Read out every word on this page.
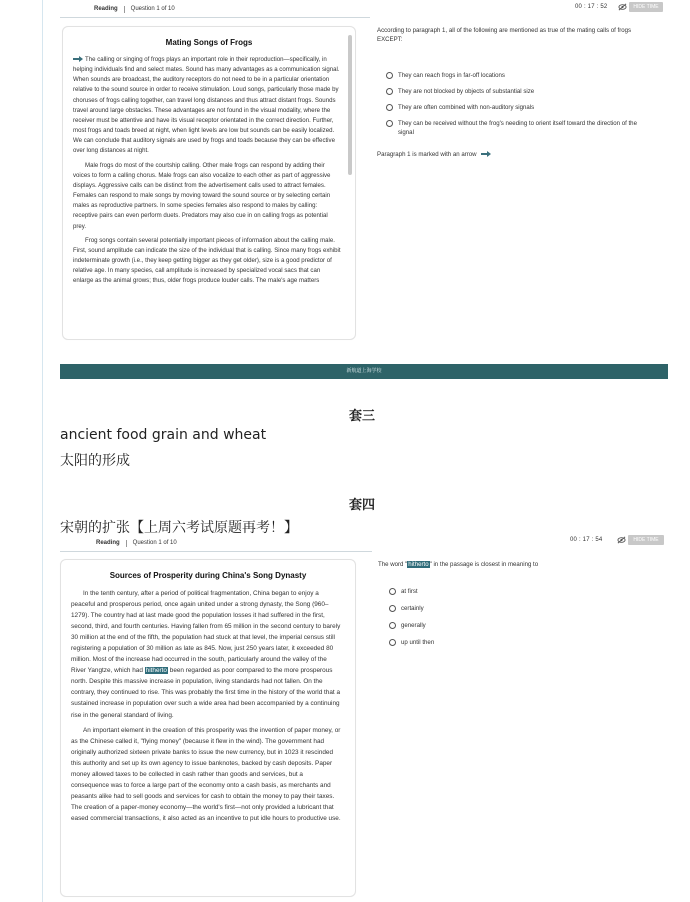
Reading Question 1 of 10	00 : 17 : 52	HIDE TIME
Mating Songs of Frogs

The calling or singing of frogs plays an important role in their reproduction—specifically, in helping individuals find and select mates. Sound has many advantages as a communication signal. When sounds are broadcast, the auditory receptors do not need to be in a particular orientation relative to the sound source in order to receive stimulation. Loud songs, particularly those made by choruses of frogs calling together, can travel long distances and thus attract distant frogs. Sounds travel around large obstacles. These advantages are not found in the visual modality, where the receiver must be attentive and have its visual receptor orientated in the correct direction. Further, most frogs and toads breed at night, when light levels are low but sounds can be easily localized. We can conclude that auditory signals are used by frogs and toads because they can be effective over long distances at night.

Male frogs do most of the courtship calling. Other male frogs can respond by adding their voices to form a calling chorus. Male frogs can also vocalize to each other as part of aggressive displays. Aggressive calls can be distinct from the advertisement calls used to attract females. Females can respond to male songs by moving toward the sound source or by selecting certain males as reproductive partners. In some species females also respond to males by calling: receptive pairs can even perform duets. Predators may also cue in on calling frogs as potential prey.

Frog songs contain several potentially important pieces of information about the calling male. First, sound amplitude can indicate the size of the individual that is calling. Since many frogs exhibit indeterminate growth (i.e., they keep getting bigger as they get older), size is a good predictor of relative age. In many species, call amplitude is increased by specialized vocal sacs that can enlarge as the animal grows; thus, older frogs produce louder calls. The male's age matters

According to paragraph 1, all of the following are mentioned as true of the mating calls of frogs EXCEPT:
They can reach frogs in far-off locations
They are not blocked by objects of substantial size
They are often combined with non-auditory signals
They can be received without the frog's needing to orient itself toward the direction of the signal
Paragraph 1 is marked with an arrow
新航道上海学校
套三
ancient food grain and wheat
太阳的形成
套四
宋朝的扩张【上周六考试原题再考！】
Reading Question 1 of 10	00 : 17 : 54	HIDE TIME
Sources of Prosperity during China's Song Dynasty

In the tenth century, after a period of political fragmentation, China began to enjoy a peaceful and prosperous period, once again united under a strong dynasty, the Song (960–1279). The country had at last made good the population losses it had suffered in the first, second, third, and fourth centuries. Having fallen from 65 million in the second century to barely 30 million at the end of the fifth, the population had stuck at that level, the imperial census still registering a population of 30 million as late as 845. Now, just 250 years later, it exceeded 80 million. Most of the increase had occurred in the south, particularly around the valley of the River Yangtze, which had hitherto been regarded as poor compared to the more prosperous north. Despite this massive increase in population, living standards had not fallen. On the contrary, they continued to rise. This was probably the first time in the history of the world that a sustained increase in population over such a wide area had been accompanied by a continuing rise in the general standard of living.

An important element in the creation of this prosperity was the invention of paper money, or as the Chinese called it, "flying money" (because it flew in the wind). The government had originally authorized sixteen private banks to issue the new currency, but in 1023 it rescinded this authority and set up its own agency to issue banknotes, backed by cash deposits. Paper money allowed taxes to be collected in cash rather than goods and services, but a consequence was to force a large part of the economy onto a cash basis, as merchants and peasants alike had to sell goods and services for cash to obtain the money to pay their taxes. The creation of a paper-money economy—the world's first—not only provided a lubricant that eased commercial transactions, it also acted as an incentive to put idle hours to productive use.

The word "hitherto" in the passage is closest in meaning to
at first
certainly
generally
up until then
